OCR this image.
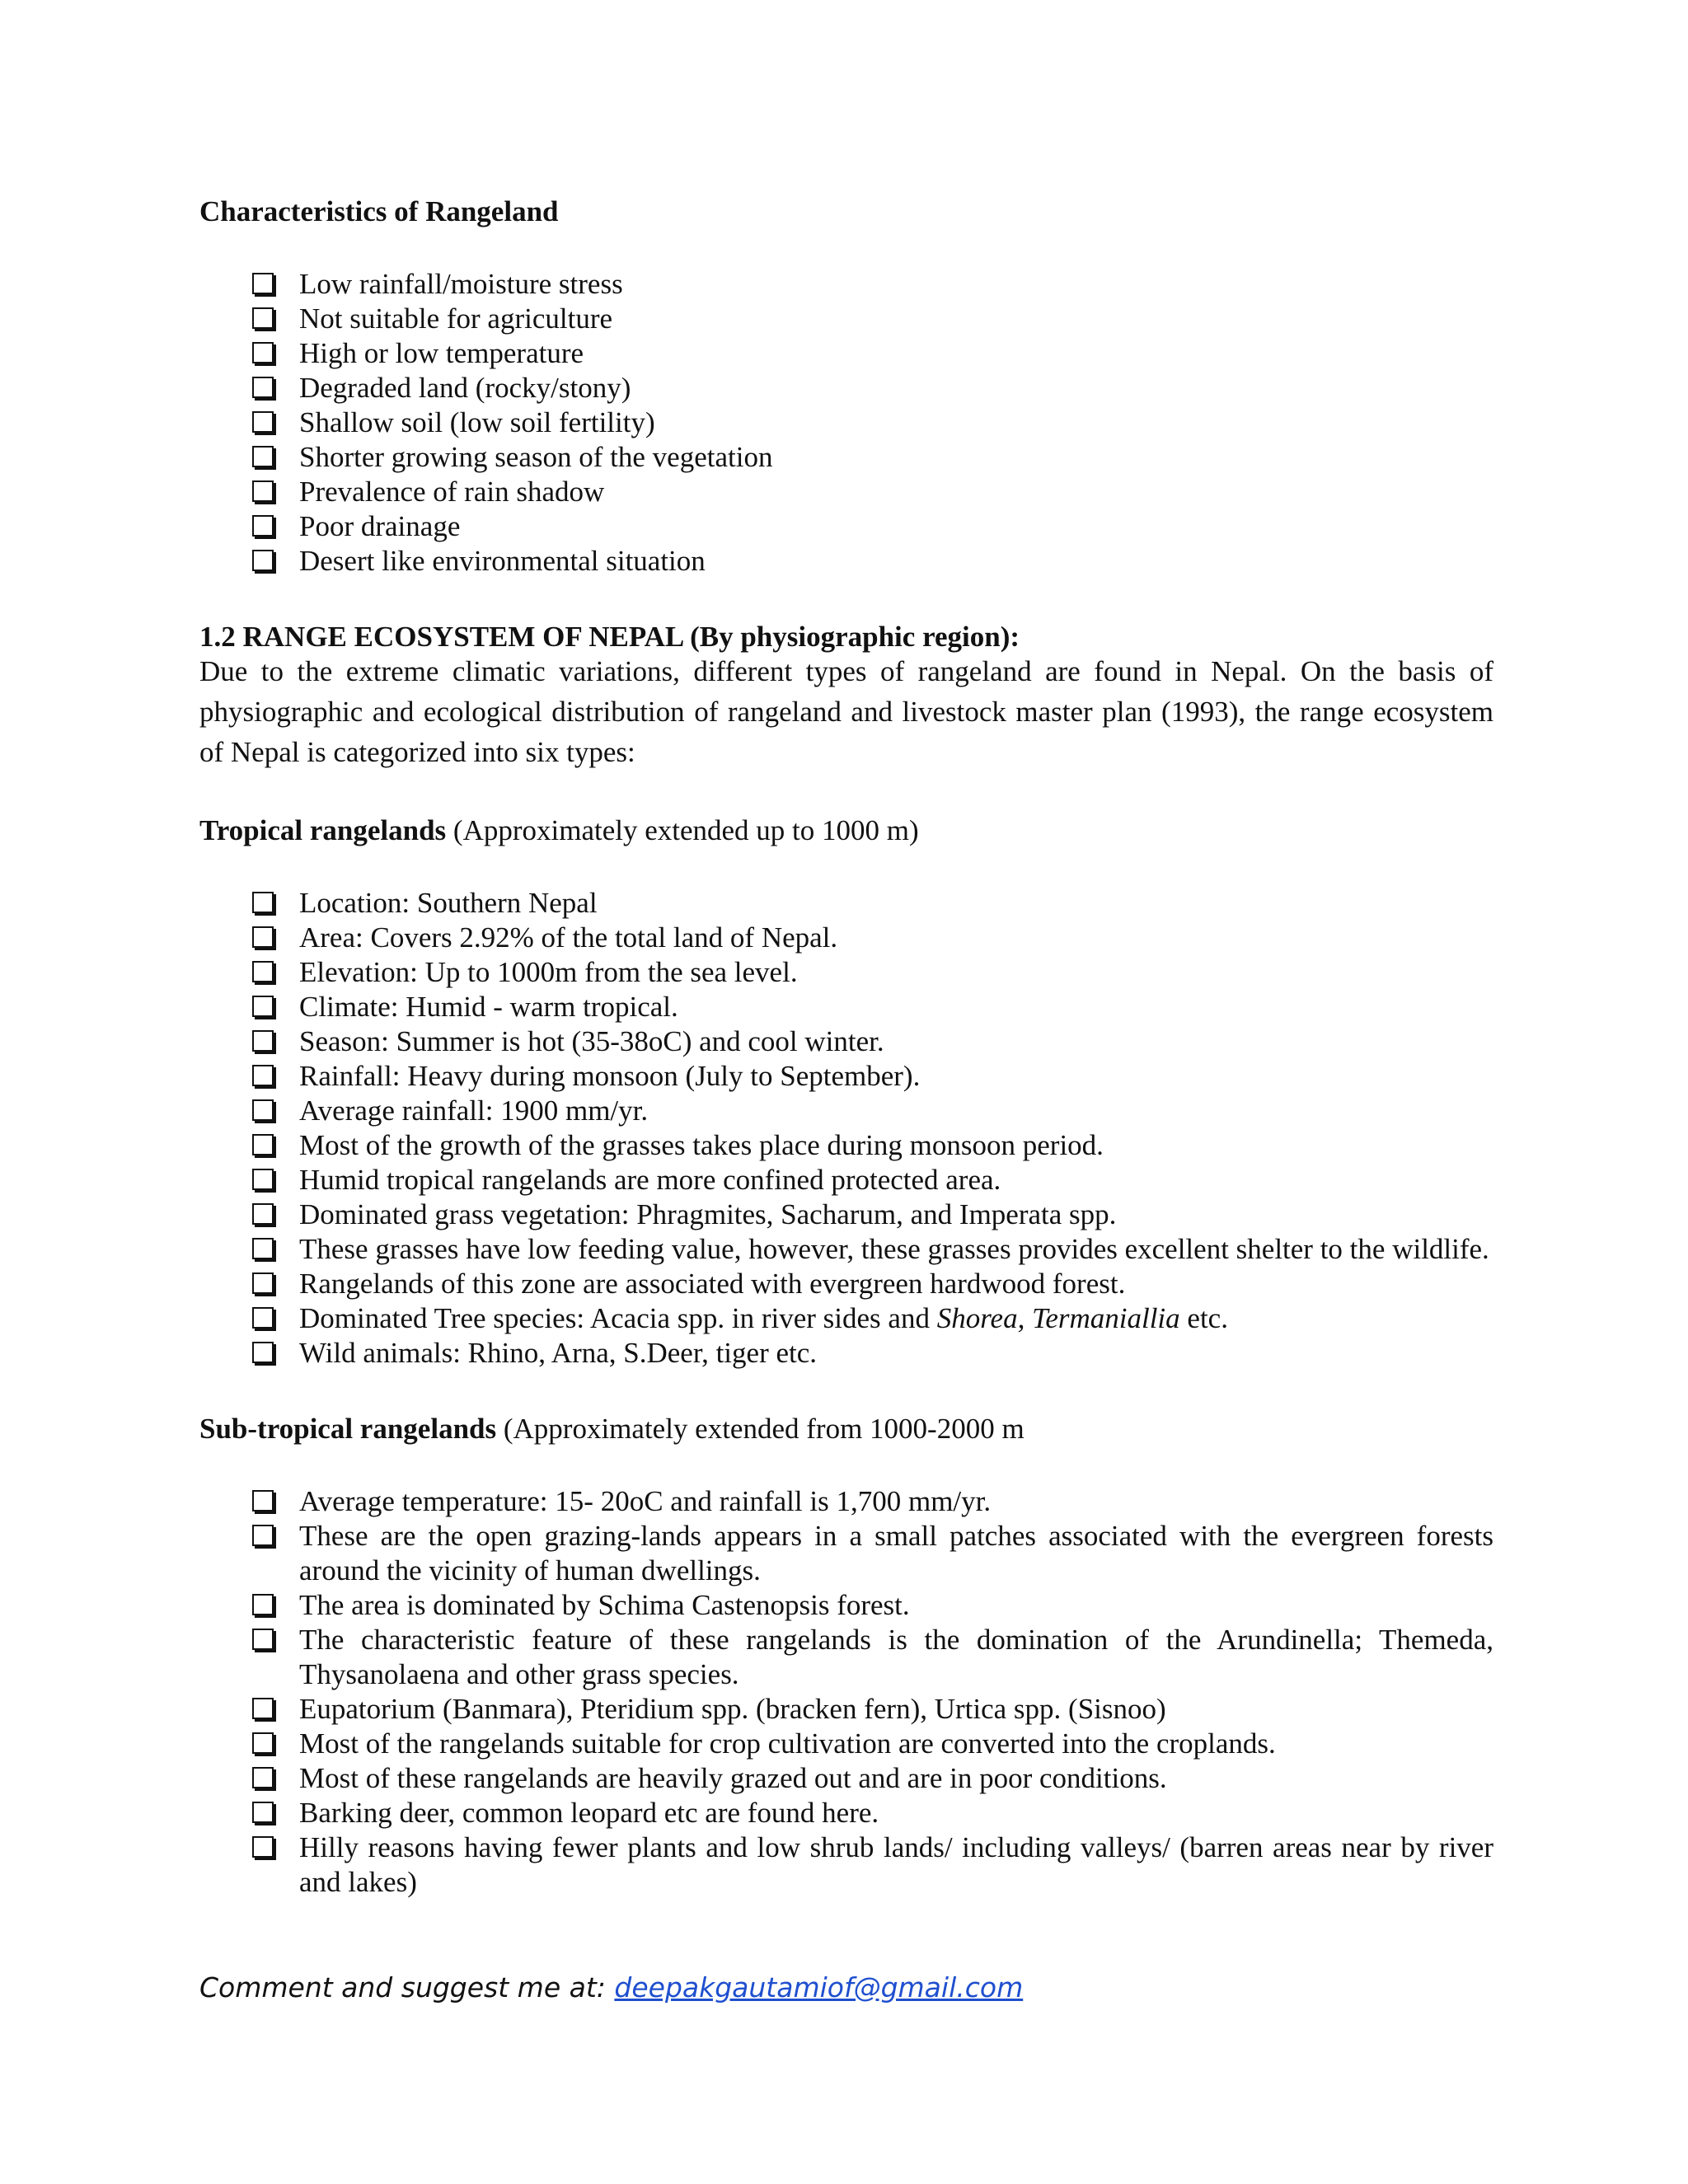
Characteristics of Rangeland
Low rainfall/moisture stress
Not suitable for agriculture
High or low temperature
Degraded land (rocky/stony)
Shallow soil (low soil fertility)
Shorter growing season of the vegetation
Prevalence of rain shadow
Poor drainage
Desert like environmental situation
1.2 RANGE ECOSYSTEM OF NEPAL (By physiographic region):

Due to the extreme climatic variations, different types of rangeland are found in Nepal. On the basis of physiographic and ecological distribution of rangeland and livestock master plan (1993), the range ecosystem of Nepal is categorized into six types:

Tropical rangelands (Approximately extended up to 1000 m)

Location: Southern Nepal
Area: Covers 2.92% of the total land of Nepal.
Elevation: Up to 1000m from the sea level.
Climate: Humid - warm tropical.
Season: Summer is hot (35-38oC) and cool winter.
Rainfall: Heavy during monsoon (July to September).
Average rainfall: 1900 mm/yr.
Most of the growth of the grasses takes place during monsoon period.
Humid tropical rangelands are more confined protected area.
Dominated grass vegetation: Phragmites, Sacharum, and Imperata spp.
These grasses have low feeding value, however, these grasses provides excellent shelter to the wildlife.
Rangelands of this zone are associated with evergreen hardwood forest.
Dominated Tree species: Acacia spp. in river sides and Shorea, Termaniallia etc.
Wild animals: Rhino, Arna, S.Deer, tiger etc.

Sub-tropical rangelands (Approximately extended from 1000-2000 m

Average temperature: 15- 20oC and rainfall is 1,700 mm/yr.
These are the open grazing-lands appears in a small patches associated with the evergreen forests around the vicinity of human dwellings.
The area is dominated by Schima Castenopsis forest.
The characteristic feature of these rangelands is the domination of the Arundinella; Themeda, Thysanolaena and other grass species.
Eupatorium (Banmara), Pteridium spp. (bracken fern), Urtica spp. (Sisnoo)
Most of the rangelands suitable for crop cultivation are converted into the croplands.
Most of these rangelands are heavily grazed out and are in poor conditions.
Barking deer, common leopard etc are found here.
Hilly reasons having fewer plants and low shrub lands/ including valleys/ (barren areas near by river and lakes)
Comment and suggest me at: deepakgautamiof@gmail.com
